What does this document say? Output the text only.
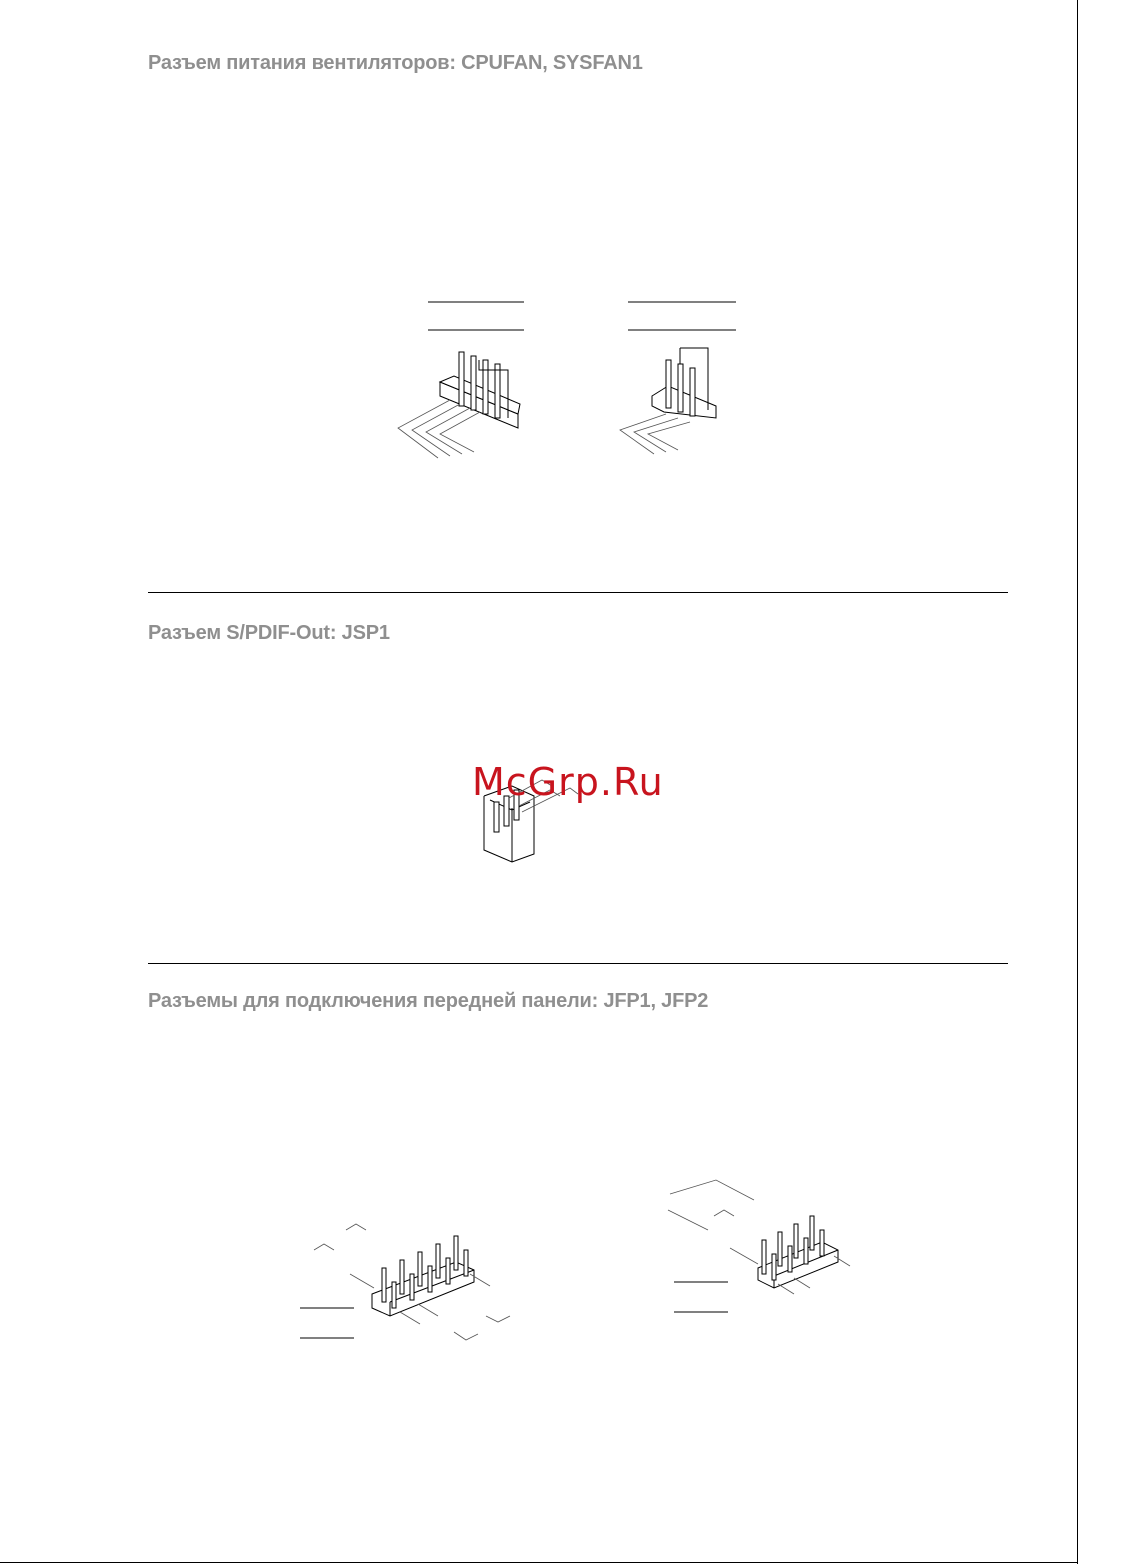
Разъем питания вентиляторов: CPUFAN, SYSFAN1
Разъем S/PDIF-Out: JSP1
McGrp.Ru
Разъемы для подключения передней панели: JFP1, JFP2
